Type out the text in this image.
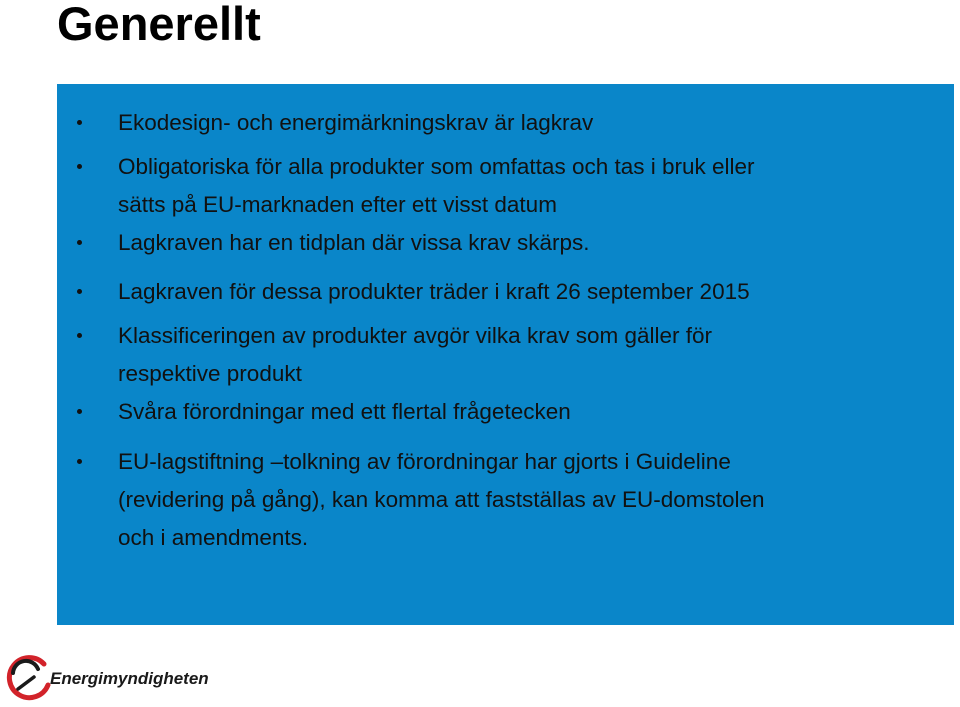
Generellt
Ekodesign- och energimärkningskrav är lagkrav
Obligatoriska för alla produkter som omfattas och tas i bruk eller
sätts på EU-marknaden efter ett visst datum
Lagkraven har en tidplan där vissa krav skärps.
Lagkraven för dessa produkter träder i kraft 26 september 2015
Klassificeringen av produkter avgör vilka krav som gäller för
respektive produkt
Svåra förordningar med ett flertal frågetecken
EU-lagstiftning –tolkning av förordningar har gjorts i Guideline
(revidering på gång), kan komma att fastställas av EU-domstolen
och i amendments.
Energimyndigheten
